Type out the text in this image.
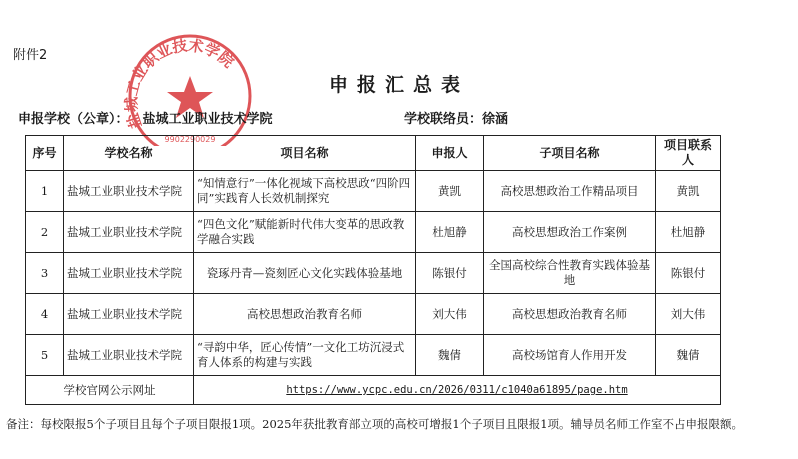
附件2
盐城工业职业技术学院
9902290029
申报汇总表
申报学校（公章）： 盐城工业职业技术学院	学校联络员：徐涵
序号	学校名称	项目名称	申报人	子项目名称	项目联系人
1	盐城工业职业技术学院	“知情意行”一体化视域下高校思政“四阶四同”实践育人长效机制探究	黄凯	高校思想政治工作精品项目	黄凯
2	盐城工业职业技术学院	“四色文化”赋能新时代伟大变革的思政教学融合实践	杜旭静	高校思想政治工作案例	杜旭静
3	盐城工业职业技术学院	瓷琢丹青—瓷刻匠心文化实践体验基地	陈银付	全国高校综合性教育实践体验基地	陈银付
4	盐城工业职业技术学院	高校思想政治教育名师	刘大伟	高校思想政治教育名师	刘大伟
5	盐城工业职业技术学院	“寻韵中华，匠心传情”一文化工坊沉浸式育人体系的构建与实践	魏倩	高校场馆育人作用开发	魏倩
学校官网公示网址		https://www.ycpc.edu.cn/2026/0311/c1040a61895/page.htm			
备注：每校限报5个子项目且每个子项目限报1项。2025年获批教育部立项的高校可增报1个子项目且限报1项。辅导员名师工作室不占申报限额。
